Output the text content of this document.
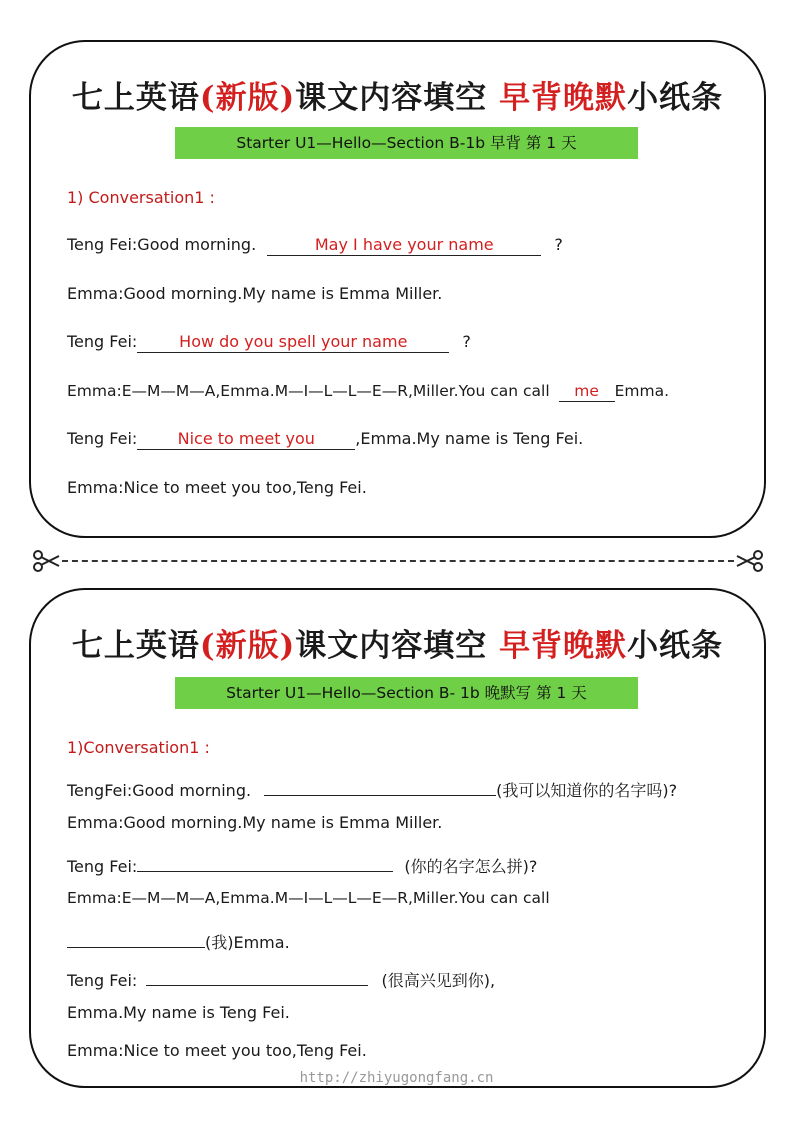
七上英语(新版)课文内容填空 早背晚默小纸条
Starter U1—Hello—Section B-1b 早背 第 1 天
1) Conversation1 :
Teng Fei:Good morning.	May I have your name	?
Emma:Good morning.My name is Emma Miller.
Teng Fei:	How do you spell your name	?
Emma:E—M—M—A,Emma.M—I—L—L—E—R,Miller.You can call me Emma.
Teng Fei:	Nice to meet you	,Emma.My name is Teng Fei.
Emma:Nice to meet you too,Teng Fei.
七上英语(新版)课文内容填空 早背晚默小纸条
Starter U1—Hello—Section B- 1b 晚默写 第 1 天
1)Conversation1 :
TengFei:Good morning.	(我可以知道你的名字吗)?
Emma:Good morning.My name is Emma Miller.
Teng Fei:	(你的名字怎么拼)?
Emma:E—M—M—A,Emma.M—I—L—L—E—R,Miller.You can call
(我)Emma.
Teng Fei:	(很高兴见到你),
Emma.My name is Teng Fei.
Emma:Nice to meet you too,Teng Fei.
http://zhiyugongfang.cn
